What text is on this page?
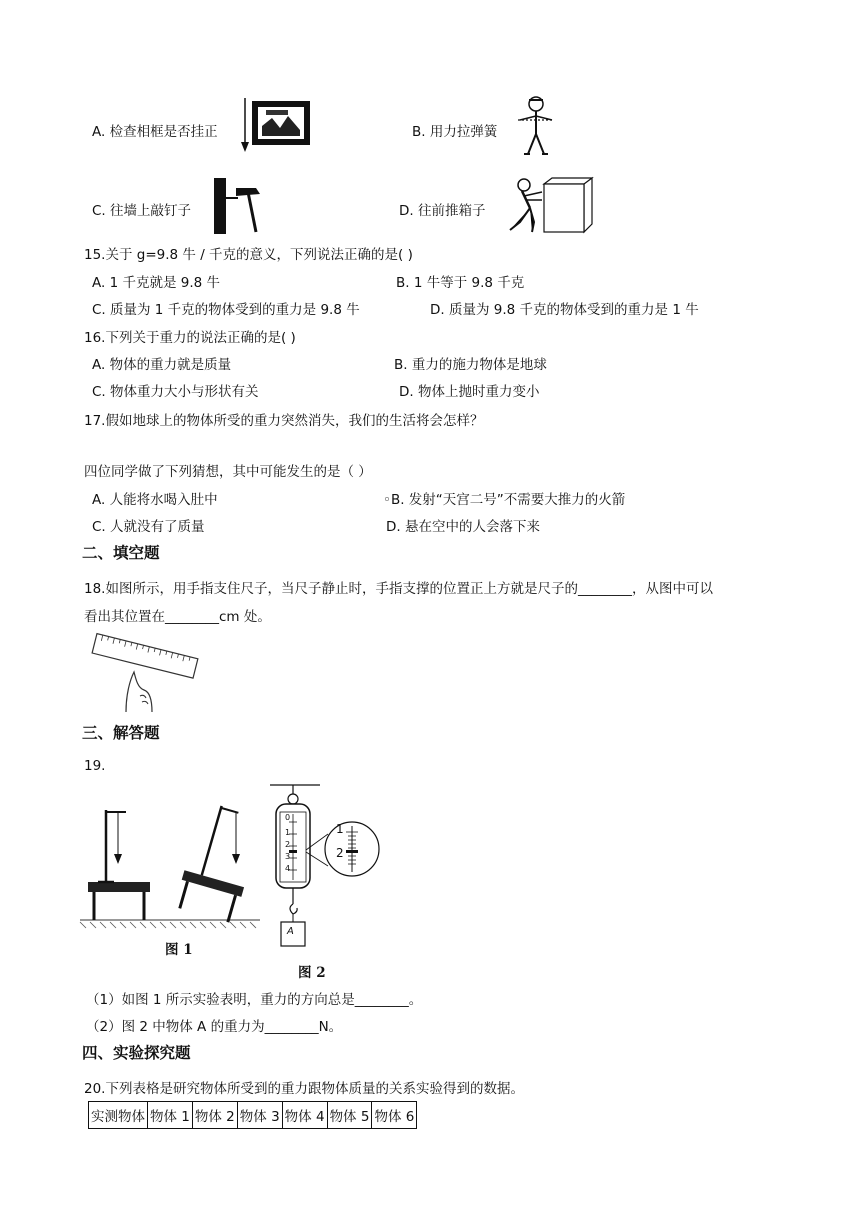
A. 检查相框是否挂正	B. 用力拉弹簧
C. 往墙上敲钉子	D. 往前推箱子
15.关于 g=9.8 牛 / 千克的意义，下列说法正确的是( )
A. 1 千克就是 9.8 牛	B. 1 牛等于 9.8 千克
C. 质量为 1 千克的物体受到的重力是 9.8 牛	D. 质量为 9.8 千克的物体受到的重力是 1 牛
16.下列关于重力的说法正确的是( )
A. 物体的重力就是质量	B. 重力的施力物体是地球
C. 物体重力大小与形状有关	D. 物体上抛时重力变小
17.假如地球上的物体所受的重力突然消失，我们的生活将会怎样？
四位同学做了下列猜想，其中可能发生的是（ ）
A. 人能将水喝入肚中	◦B. 发射“天宫二号”不需要大推力的火箭
C. 人就没有了质量	D. 悬在空中的人会落下来
二、填空题
18.如图所示，用手指支住尺子，当尺子静止时，手指支撑的位置正上方就是尺子的________，从图中可以
看出其位置在________cm 处。
三、解答题
19.
图 1
0
1
2
3
4
1
2
A
图 2
（1）如图 1 所示实验表明，重力的方向总是________。
（2）图 2 中物体 A 的重力为________N。
四、实验探究题
20.下列表格是研究物体所受到的重力跟物体质量的关系实验得到的数据。
实测物体	物体 1	物体 2	物体 3	物体 4	物体 5	物体 6
